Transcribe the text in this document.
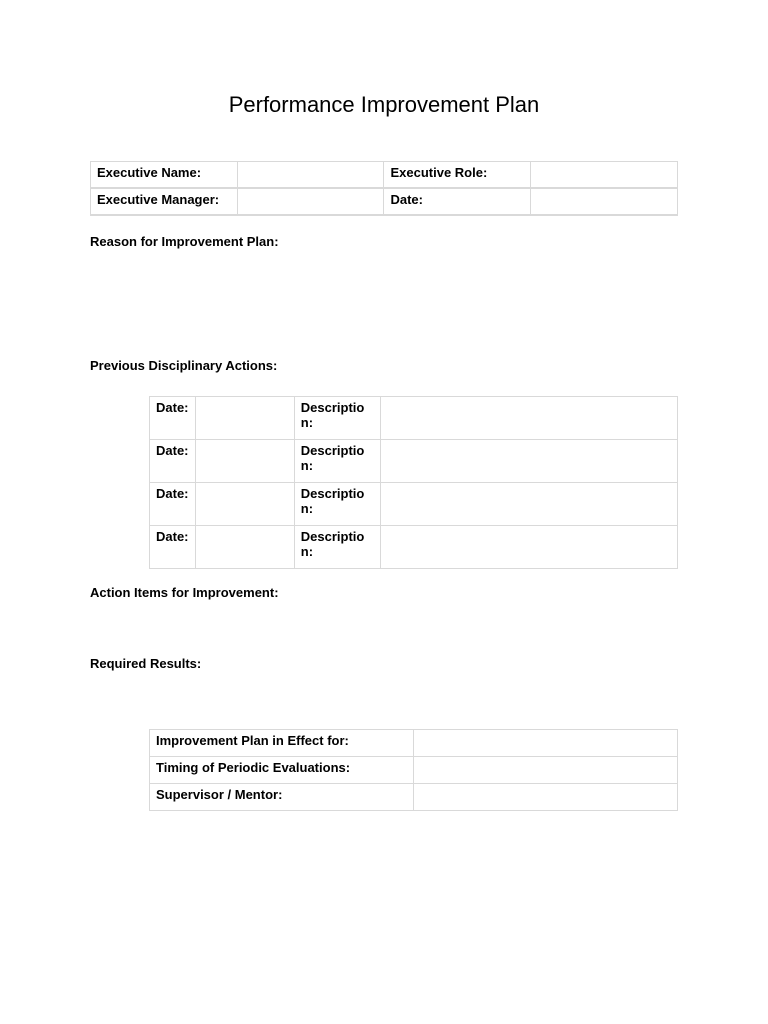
Performance Improvement Plan
Executive Name:		Executive Role:	
Executive Manager:		Date:	
Reason for Improvement Plan:
Previous Disciplinary Actions:
Date:		Descriptio n:	
Date:		Descriptio n:	
Date:		Descriptio n:	
Date:		Descriptio n:	
Action Items for Improvement:
Required Results:
Improvement Plan in Effect for:	
Timing of Periodic Evaluations:	
Supervisor / Mentor:	
